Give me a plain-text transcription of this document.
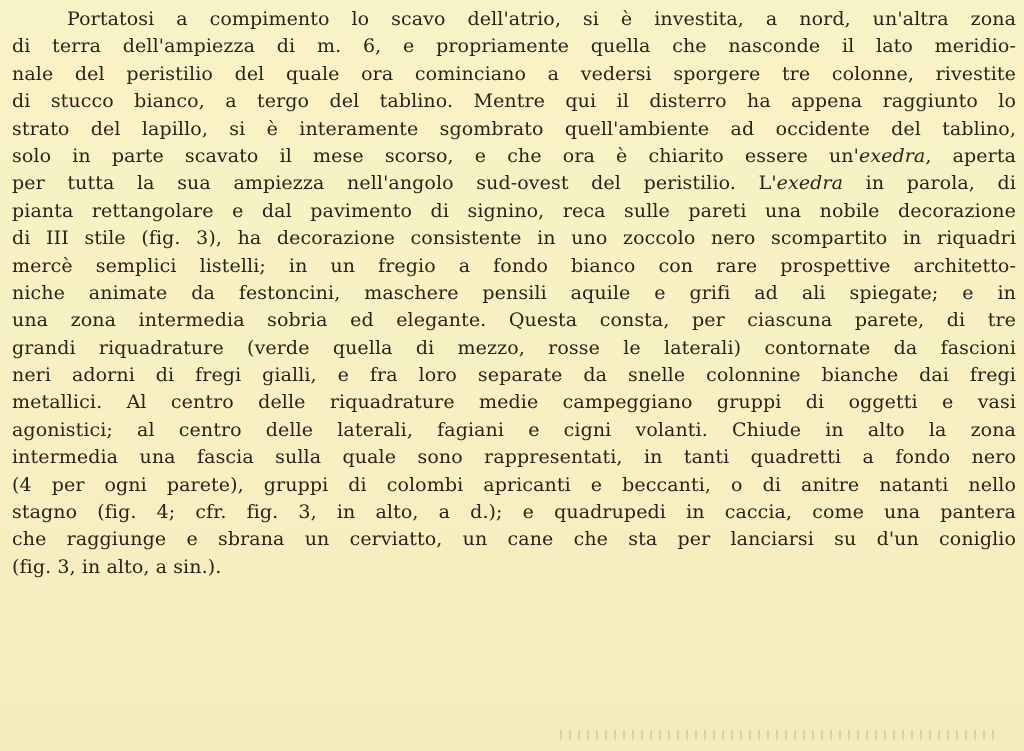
Portatosi a compimento lo scavo dell'atrio, si è investita, a nord, un'altra zona
di terra dell'ampiezza di m. 6, e propriamente quella che nasconde il lato meridio-
nale del peristilio del quale ora cominciano a vedersi sporgere tre colonne, rivestite
di stucco bianco, a tergo del tablino. Mentre qui il disterro ha appena raggiunto lo
strato del lapillo, si è interamente sgombrato quell'ambiente ad occidente del tablino,
solo in parte scavato il mese scorso, e che ora è chiarito essere un'exedra, aperta
per tutta la sua ampiezza nell'angolo sud-ovest del peristilio. L'exedra in parola, di
pianta rettangolare e dal pavimento di signino, reca sulle pareti una nobile decorazione
di III stile (fig. 3), ha decorazione consistente in uno zoccolo nero scompartito in riquadri
mercè semplici listelli; in un fregio a fondo bianco con rare prospettive architetto-
niche animate da festoncini, maschere pensili aquile e grifi ad ali spiegate; e in
una zona intermedia sobria ed elegante. Questa consta, per ciascuna parete, di tre
grandi riquadrature (verde quella di mezzo, rosse le laterali) contornate da fascioni
neri adorni di fregi gialli, e fra loro separate da snelle colonnine bianche dai fregi
metallici. Al centro delle riquadrature medie campeggiano gruppi di oggetti e vasi
agonistici; al centro delle laterali, fagiani e cigni volanti. Chiude in alto la zona
intermedia una fascia sulla quale sono rappresentati, in tanti quadretti a fondo nero
(4 per ogni parete), gruppi di colombi apricanti e beccanti, o di anitre natanti nello
stagno (fig. 4; cfr. fig. 3, in alto, a d.); e quadrupedi in caccia, come una pantera
che raggiunge e sbrana un cerviatto, un cane che sta per lanciarsi su d'un coniglio
(fig. 3, in alto, a sin.).
